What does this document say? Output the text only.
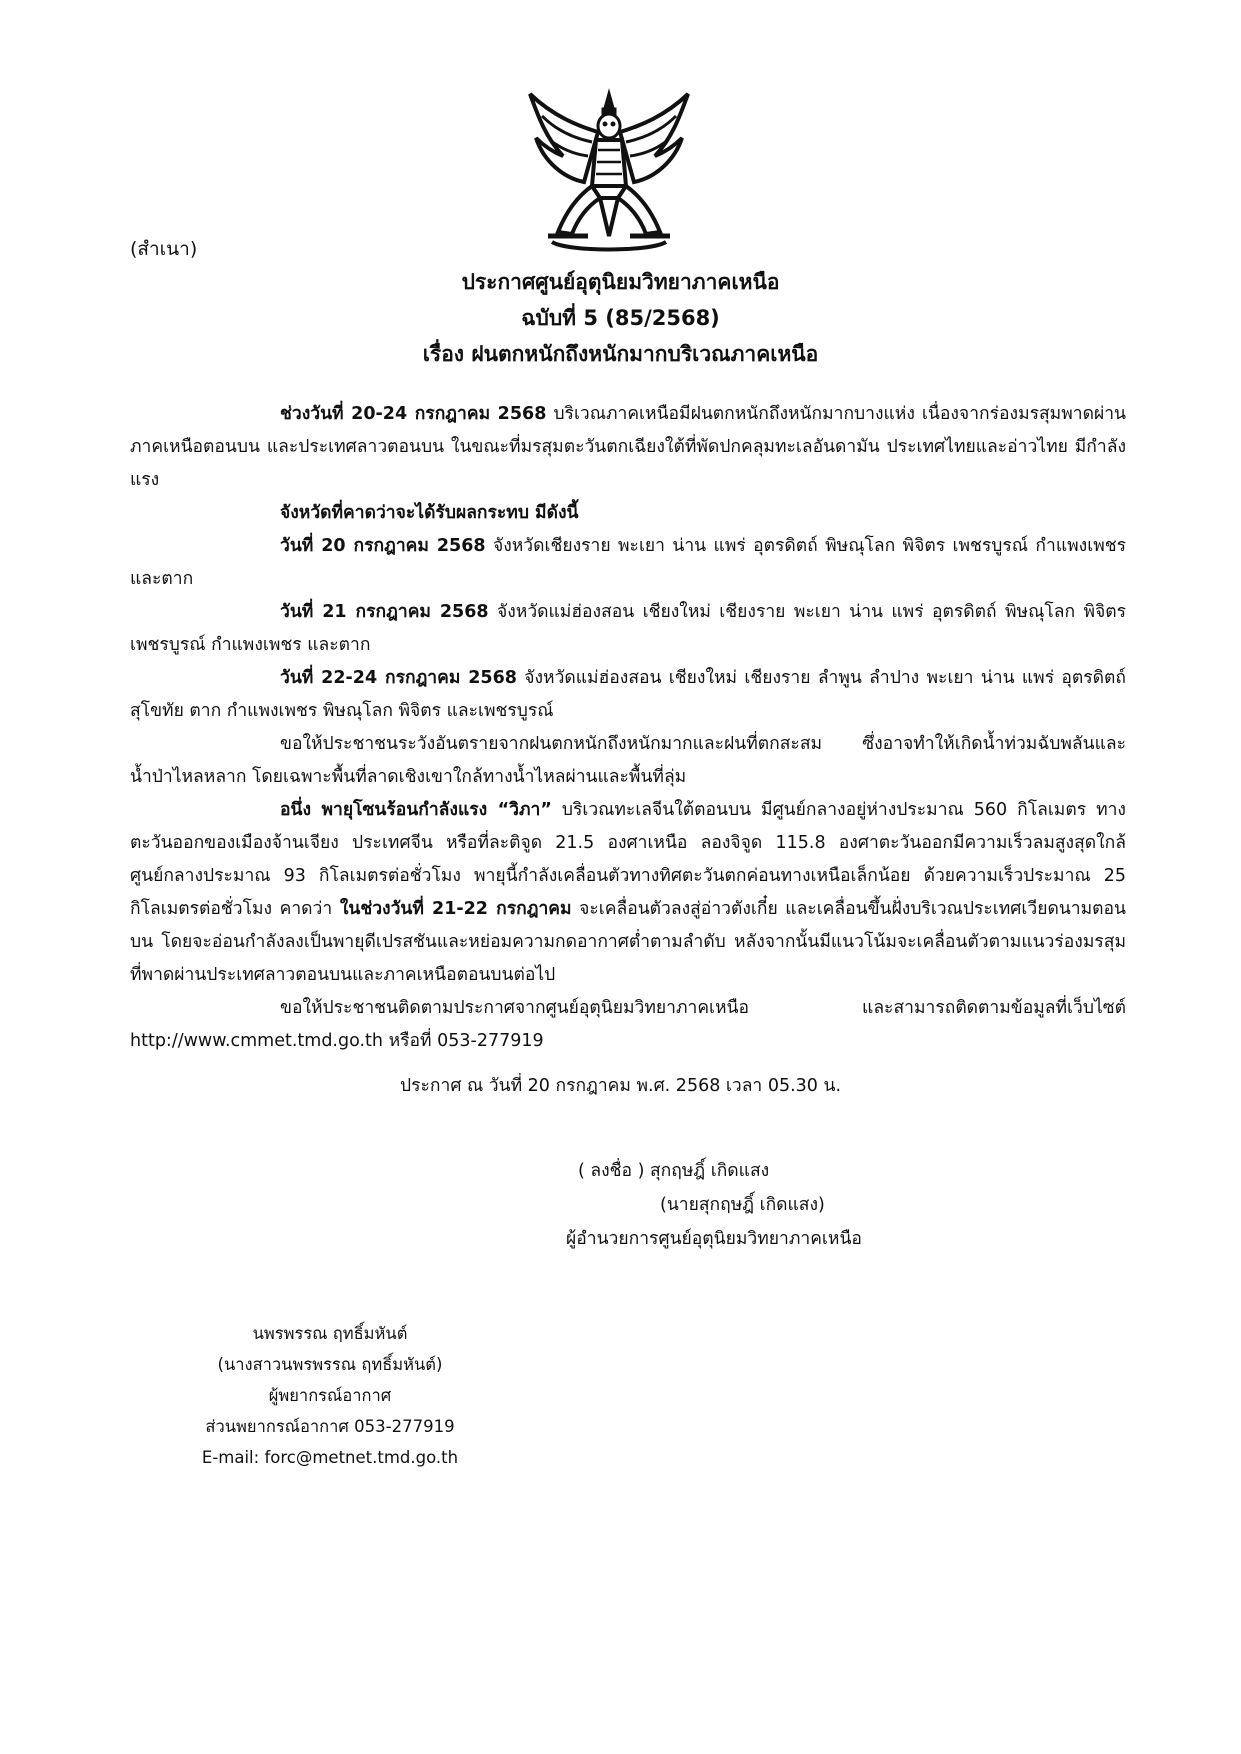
(สำเนา)
ประกาศศูนย์อุตุนิยมวิทยาภาคเหนือ
ฉบับที่ 5 (85/2568)
เรื่อง ฝนตกหนักถึงหนักมากบริเวณภาคเหนือ

ช่วงวันที่ 20-24 กรกฎาคม 2568 บริเวณภาคเหนือมีฝนตกหนักถึงหนักมากบางแห่ง เนื่องจากร่องมรสุมพาดผ่านภาคเหนือตอนบน และประเทศลาวตอนบน ในขณะที่มรสุมตะวันตกเฉียงใต้ที่พัดปกคลุมทะเลอันดามัน ประเทศไทยและอ่าวไทย มีกำลังแรง

จังหวัดที่คาดว่าจะได้รับผลกระทบ มีดังนี้

วันที่ 20 กรกฎาคม 2568 จังหวัดเชียงราย พะเยา น่าน แพร่ อุตรดิตถ์ พิษณุโลก พิจิตร เพชรบูรณ์ กำแพงเพชร และตาก

วันที่ 21 กรกฎาคม 2568 จังหวัดแม่ฮ่องสอน เชียงใหม่ เชียงราย พะเยา น่าน แพร่ อุตรดิตถ์ พิษณุโลก พิจิตร เพชรบูรณ์ กำแพงเพชร และตาก

วันที่ 22-24 กรกฎาคม 2568 จังหวัดแม่ฮ่องสอน เชียงใหม่ เชียงราย ลำพูน ลำปาง พะเยา น่าน แพร่ อุตรดิตถ์ สุโขทัย ตาก กำแพงเพชร พิษณุโลก พิจิตร และเพชรบูรณ์

ขอให้ประชาชนระวังอันตรายจากฝนตกหนักถึงหนักมากและฝนที่ตกสะสม ซึ่งอาจทำให้เกิดน้ำท่วมฉับพลันและน้ำป่าไหลหลาก โดยเฉพาะพื้นที่ลาดเชิงเขาใกล้ทางน้ำไหลผ่านและพื้นที่ลุ่ม

อนึ่ง พายุโซนร้อนกำลังแรง “วิภา” บริเวณทะเลจีนใต้ตอนบน มีศูนย์กลางอยู่ห่างประมาณ 560 กิโลเมตร ทางตะวันออกของเมืองจ้านเจียง ประเทศจีน หรือที่ละติจูด 21.5 องศาเหนือ ลองจิจูด 115.8 องศาตะวันออกมีความเร็วลมสูงสุดใกล้ศูนย์กลางประมาณ 93 กิโลเมตรต่อชั่วโมง พายุนี้กำลังเคลื่อนตัวทางทิศตะวันตกค่อนทางเหนือเล็กน้อย ด้วยความเร็วประมาณ 25 กิโลเมตรต่อชั่วโมง คาดว่า ในช่วงวันที่ 21-22 กรกฎาคม จะเคลื่อนตัวลงสู่อ่าวตังเกี๋ย และเคลื่อนขึ้นฝั่งบริเวณประเทศเวียดนามตอนบน โดยจะอ่อนกำลังลงเป็นพายุดีเปรสชันและหย่อมความกดอากาศต่ำตามลำดับ หลังจากนั้นมีแนวโน้มจะเคลื่อนตัวตามแนวร่องมรสุมที่พาดผ่านประเทศลาวตอนบนและภาคเหนือตอนบนต่อไป

ขอให้ประชาชนติดตามประกาศจากศูนย์อุตุนิยมวิทยาภาคเหนือ และสามารถติดตามข้อมูลที่เว็บไซต์ http://www.cmmet.tmd.go.th หรือที่ 053-277919

ประกาศ ณ วันที่ 20 กรกฎาคม พ.ศ. 2568 เวลา 05.30 น.
( ลงชื่อ ) สุกฤษฎิ์ เกิดแสง
(นายสุกฤษฎิ์ เกิดแสง)
ผู้อำนวยการศูนย์อุตุนิยมวิทยาภาคเหนือ
นพรพรรณ ฤทธิ์มหันต์
(นางสาวนพรพรรณ ฤทธิ์มหันต์)
ผู้พยากรณ์อากาศ
ส่วนพยากรณ์อากาศ 053-277919
E-mail: forc@metnet.tmd.go.th
